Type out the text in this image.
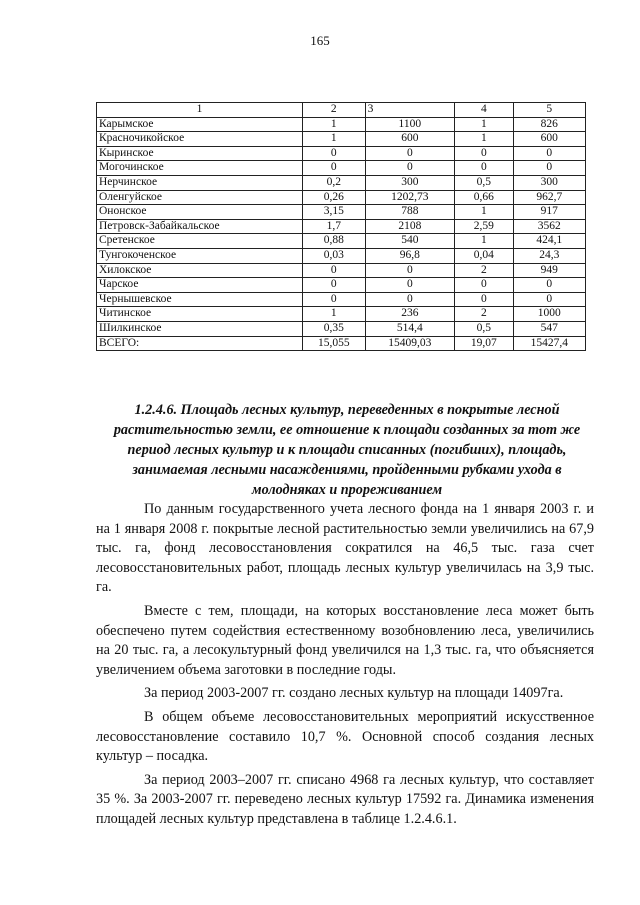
165
1	2	3	4	5
Карымское	1	1100	1	826
Красночикойское	1	600	1	600
Кыринское	0	0	0	0
Могочинское	0	0	0	0
Нерчинское	0,2	300	0,5	300
Оленгуйское	0,26	1202,73	0,66	962,7
Ононское	3,15	788	1	917
Петровск-Забайкальское	1,7	2108	2,59	3562
Сретенское	0,88	540	1	424,1
Тунгокоченское	0,03	96,8	0,04	24,3
Хилокское	0	0	2	949
Чарское	0	0	0	0
Чернышевское	0	0	0	0
Читинское	1	236	2	1000
Шилкинское	0,35	514,4	0,5	547
ВСЕГО:	15,055	15409,03	19,07	15427,4
1.2.4.6. Площадь лесных культур, переведенных в покрытые лесной растительностью земли, ее отношение к площади созданных за тот же период лесных культур и к площади списанных (погибших), площадь, занимаемая лесными насаждениями, пройденными рубками ухода в молодняках и прореживанием

По данным государственного учета лесного фонда на 1 января 2003 г. и на 1 января 2008 г. покрытые лесной растительностью земли увеличились на 67,9 тыс. га, фонд лесовосстановления сократился на 46,5 тыс. газа счет лесовосстановительных работ, площадь лесных культур увеличилась на 3,9 тыс. га.

Вместе с тем, площади, на которых восстановление леса может быть обеспечено путем содействия естественному возобновлению леса, увеличились на 20 тыс. га, а лесокультурный фонд увеличился на 1,3 тыс. га, что объясняется увеличением объема заготовки в последние годы.

За период 2003-2007 гг. создано лесных культур на площади 14097га.

В общем объеме лесовосстановительных мероприятий искусственное лесовосстановление составило 10,7 %. Основной способ создания лесных культур – посадка.

За период 2003–2007 гг. списано 4968 га лесных культур, что составляет 35 %. За 2003-2007 гг. переведено лесных культур 17592 га. Динамика изменения площадей лесных культур представлена в таблице 1.2.4.6.1.
